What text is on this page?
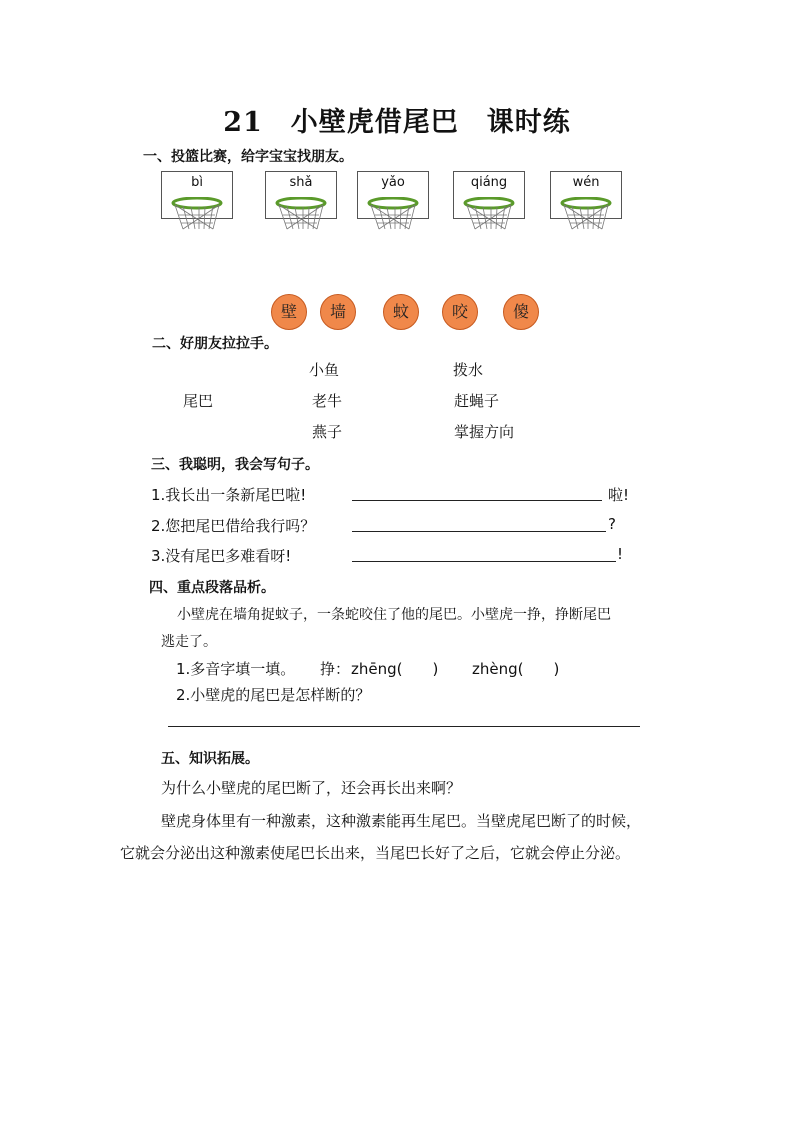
21　小壁虎借尾巴　课时练
一、投篮比赛，给字宝宝找朋友。
bì	shǎ	yǎo	qiáng	wén
壁	墙	蚊	咬	傻
二、好朋友拉拉手。
尾巴
小鱼
老牛
燕子
拨水
赶蝇子
掌握方向
三、我聪明，我会写句子。
1.我长出一条新尾巴啦!	啦!
2.您把尾巴借给我行吗？	?
3.没有尾巴多难看呀!	!
四、重点段落品析。
小壁虎在墙角捉蚊子，一条蛇咬住了他的尾巴。小壁虎一挣，挣断尾巴
逃走了。
1.多音字填一填。 挣： zhēng(　　) zhèng(　　)
2.小壁虎的尾巴是怎样断的？
五、知识拓展。
为什么小壁虎的尾巴断了，还会再长出来啊？
壁虎身体里有一种激素，这种激素能再生尾巴。当壁虎尾巴断了的时候，
它就会分泌出这种激素使尾巴长出来，当尾巴长好了之后，它就会停止分泌。
